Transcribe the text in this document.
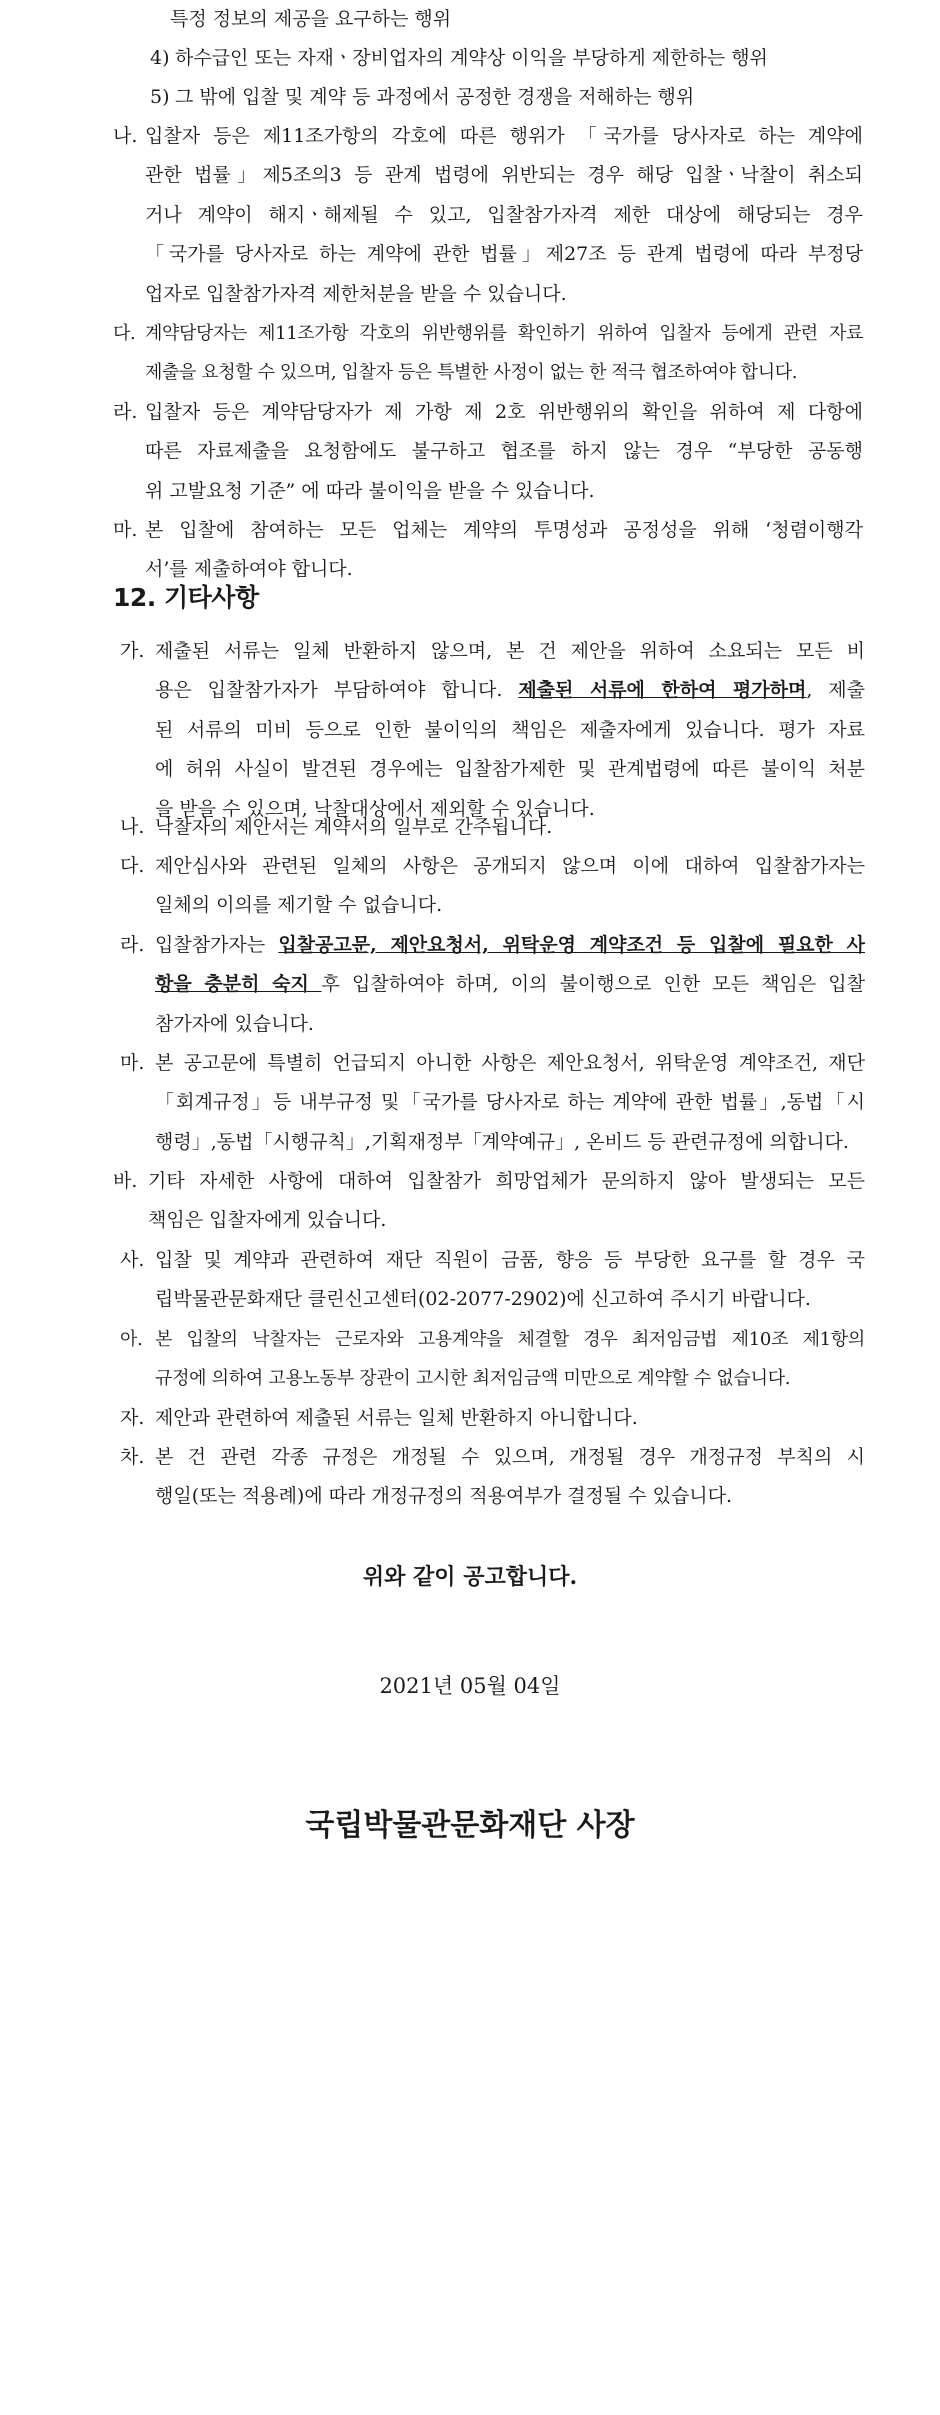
특정 정보의 제공을 요구하는 행위
4) 하수급인 또는 자재ㆍ장비업자의 계약상 이익을 부당하게 제한하는 행위
5) 그 밖에 입찰 및 계약 등 과정에서 공정한 경쟁을 저해하는 행위
나. 입찰자 등은 제11조가항의 각호에 따른 행위가 「국가를 당사자로 하는 계약에
관한 법률」제5조의3 등 관계 법령에 위반되는 경우 해당 입찰ㆍ낙찰이 취소되
거나 계약이 해지ㆍ해제될 수 있고, 입찰참가자격 제한 대상에 해당되는 경우
「국가를 당사자로 하는 계약에 관한 법률」제27조 등 관계 법령에 따라 부정당
업자로 입찰참가자격 제한처분을 받을 수 있습니다.
다. 계약담당자는 제11조가항 각호의 위반행위를 확인하기 위하여 입찰자 등에게 관련 자료
제출을 요청할 수 있으며, 입찰자 등은 특별한 사정이 없는 한 적극 협조하여야 합니다.
라. 입찰자 등은 계약담당자가 제 가항 제 2호 위반행위의 확인을 위하여 제 다항에
따른 자료제출을 요청함에도 불구하고 협조를 하지 않는 경우 “부당한 공동행
위 고발요청 기준” 에 따라 불이익을 받을 수 있습니다.
마. 본 입찰에 참여하는 모든 업체는 계약의 투명성과 공정성을 위해 ‘청렴이행각
서’를 제출하여야 합니다.
12. 기타사항
가. 제출된 서류는 일체 반환하지 않으며, 본 건 제안을 위하여 소요되는 모든 비
용은 입찰참가자가 부담하여야 합니다. 제출된 서류에 한하여 평가하며, 제출
된 서류의 미비 등으로 인한 불이익의 책임은 제출자에게 있습니다. 평가 자료
에 허위 사실이 발견된 경우에는 입찰참가제한 및 관계법령에 따른 불이익 처분
을 받을 수 있으며, 낙찰대상에서 제외할 수 있습니다.
나. 낙찰자의 제안서는 계약서의 일부로 간주됩니다.
다. 제안심사와 관련된 일체의 사항은 공개되지 않으며 이에 대하여 입찰참가자는
일체의 이의를 제기할 수 없습니다.
라. 입찰참가자는 입찰공고문, 제안요청서, 위탁운영 계약조건 등 입찰에 필요한 사
항을 충분히 숙지 후 입찰하여야 하며, 이의 불이행으로 인한 모든 책임은 입찰
참가자에 있습니다.
마. 본 공고문에 특별히 언급되지 아니한 사항은 제안요청서, 위탁운영 계약조건, 재단
「회계규정」등 내부규정 및「국가를 당사자로 하는 계약에 관한 법률」,동법「시
행령」,동법「시행규칙」,기획재정부「계약예규」, 온비드 등 관련규정에 의합니다.
바. 기타 자세한 사항에 대하여 입찰참가 희망업체가 문의하지 않아 발생되는 모든
책임은 입찰자에게 있습니다.
사. 입찰 및 계약과 관련하여 재단 직원이 금품, 향응 등 부당한 요구를 할 경우 국
립박물관문화재단 클린신고센터(02-2077-2902)에 신고하여 주시기 바랍니다.
아. 본 입찰의 낙찰자는 근로자와 고용계약을 체결할 경우 최저임금법 제10조 제1항의
규정에 의하여 고용노동부 장관이 고시한 최저임금액 미만으로 계약할 수 없습니다.
자. 제안과 관련하여 제출된 서류는 일체 반환하지 아니합니다.
차. 본 건 관련 각종 규정은 개정될 수 있으며, 개정될 경우 개정규정 부칙의 시
행일(또는 적용례)에 따라 개정규정의 적용여부가 결정될 수 있습니다.
위와 같이 공고합니다.
2021년 05월 04일
국립박물관문화재단 사장
